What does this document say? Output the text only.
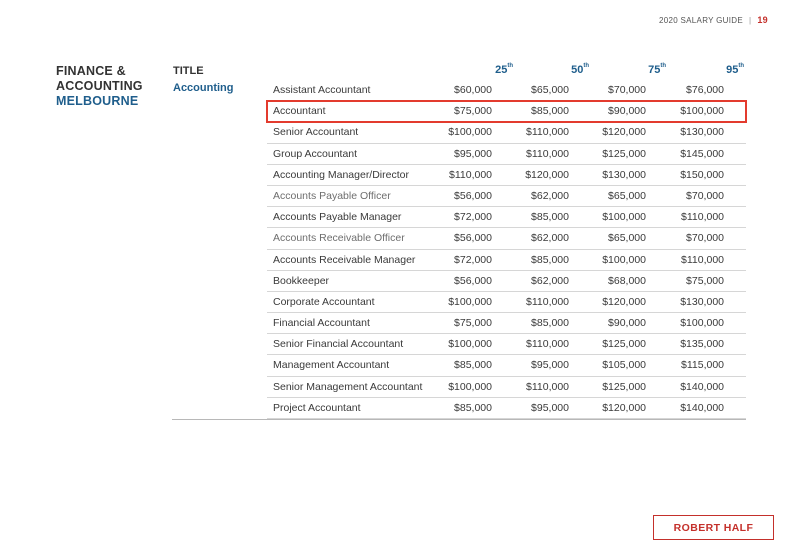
2020 SALARY GUIDE | 19
FINANCE &
ACCOUNTING
MELBOURNE
TITLE	25th	50th	75th	95th
Accounting	Assistant Accountant	$60,000	$65,000	$70,000	$76,000
Accountant	$75,000	$85,000	$90,000	$100,000
Senior Accountant	$100,000	$110,000	$120,000	$130,000
Group Accountant	$95,000	$110,000	$125,000	$145,000
Accounting Manager/Director	$110,000	$120,000	$130,000	$150,000
Accounts Payable Officer	$56,000	$62,000	$65,000	$70,000
Accounts Payable Manager	$72,000	$85,000	$100,000	$110,000
Accounts Receivable Officer	$56,000	$62,000	$65,000	$70,000
Accounts Receivable Manager	$72,000	$85,000	$100,000	$110,000
Bookkeeper	$56,000	$62,000	$68,000	$75,000
Corporate Accountant	$100,000	$110,000	$120,000	$130,000
Financial Accountant	$75,000	$85,000	$90,000	$100,000
Senior Financial Accountant	$100,000	$110,000	$125,000	$135,000
Management Accountant	$85,000	$95,000	$105,000	$115,000
Senior Management Accountant	$100,000	$110,000	$125,000	$140,000
Project Accountant	$85,000	$95,000	$120,000	$140,000
ROBERT HALF
